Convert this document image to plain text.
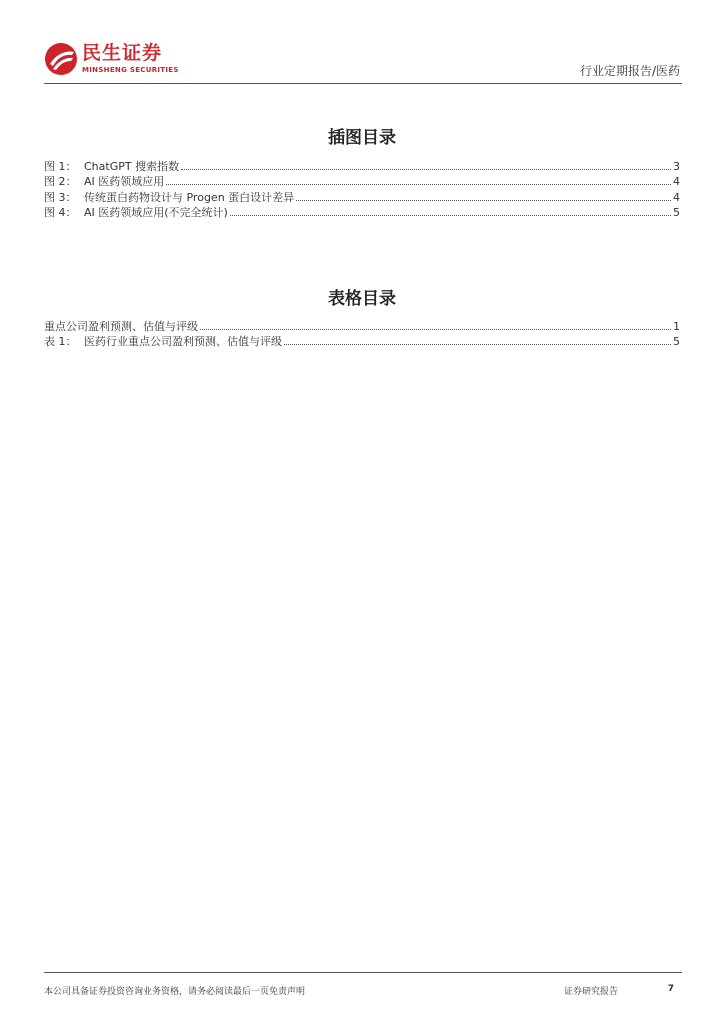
民生证券
MINSHENG SECURITIES	行业定期报告/医药
插图目录
图 1： ChatGPT 搜索指数	3
图 2： AI 医药领域应用	4
图 3： 传统蛋白药物设计与 Progen 蛋白设计差异	4
图 4： AI 医药领域应用(不完全统计)	5
表格目录
重点公司盈利预测、估值与评级	1
表 1： 医药行业重点公司盈利预测、估值与评级	5
本公司具备证券投资咨询业务资格，请务必阅读最后一页免责声明	证券研究报告	7
